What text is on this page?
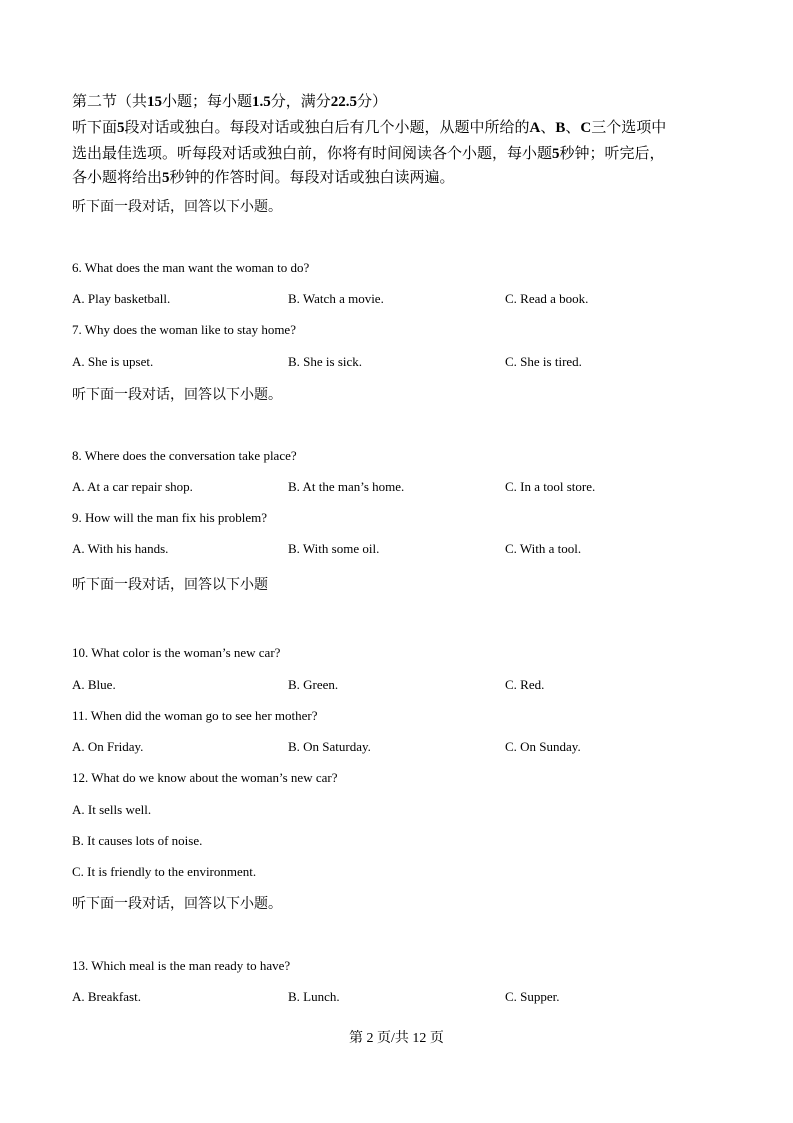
第二节（共15小题；每小题1.5分，满分22.5分）
听下面5段对话或独白。每段对话或独白后有几个小题，从题中所给的A、B、C三个选项中
选出最佳选项。听每段对话或独白前，你将有时间阅读各个小题，每小题5秒钟；听完后，
各小题将给出5秒钟的作答时间。每段对话或独白读两遍。
听下面一段对话，回答以下小题。
6. What does the man want the woman to do?
A. Play basketball.	B. Watch a movie.	C. Read a book.
7. Why does the woman like to stay home?
A. She is upset.	B. She is sick.	C. She is tired.
听下面一段对话，回答以下小题。
8. Where does the conversation take place?
A. At a car repair shop.	B. At the man’s home.	C. In a tool store.
9. How will the man fix his problem?
A. With his hands.	B. With some oil.	C. With a tool.
听下面一段对话，回答以下小题
10. What color is the woman’s new car?
A. Blue.	B. Green.	C. Red.
11. When did the woman go to see her mother?
A. On Friday.	B. On Saturday.	C. On Sunday.
12. What do we know about the woman’s new car?
A. It sells well.
B. It causes lots of noise.
C. It is friendly to the environment.
听下面一段对话，回答以下小题。
13. Which meal is the man ready to have?
A. Breakfast.	B. Lunch.	C. Supper.
第 2 页/共 12 页
